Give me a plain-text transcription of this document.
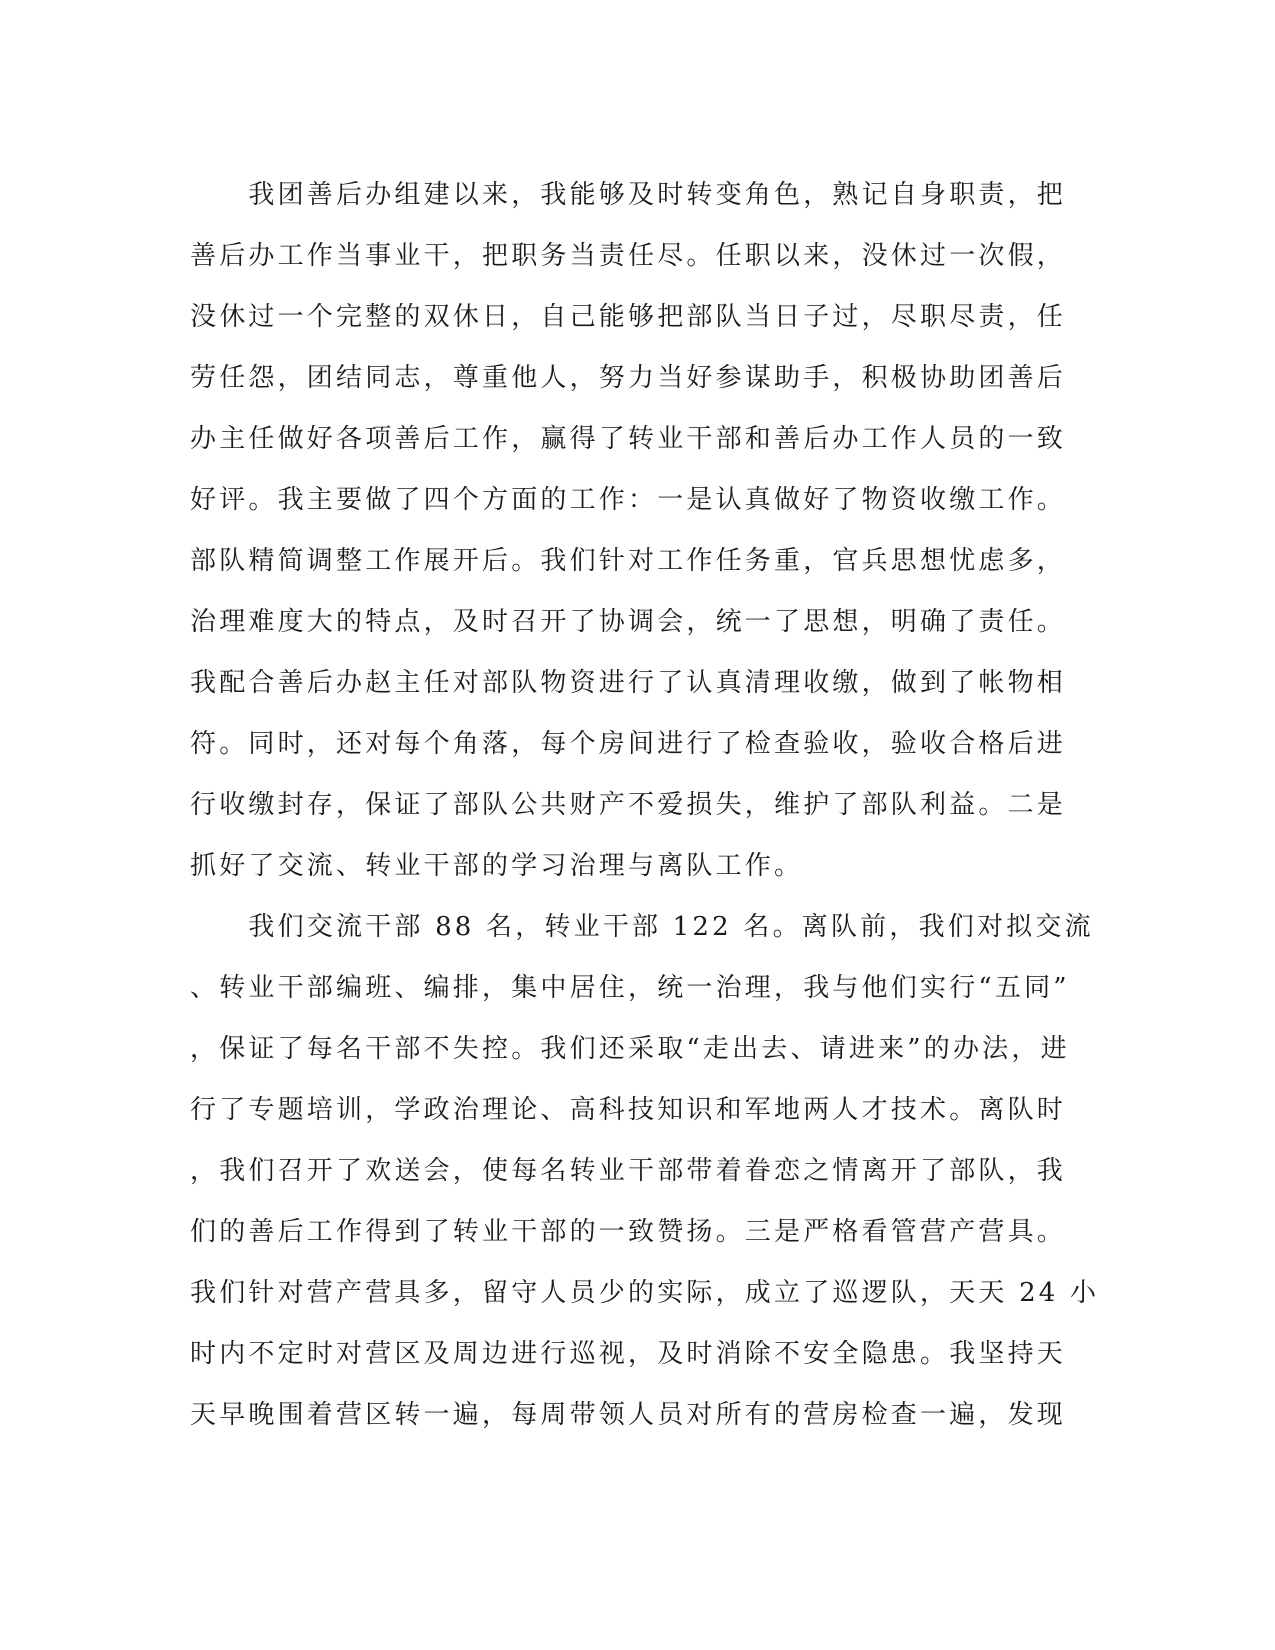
　　我团善后办组建以来，我能够及时转变角色，熟记自身职责，把
善后办工作当事业干，把职务当责任尽。任职以来，没休过一次假，
没休过一个完整的双休日，自己能够把部队当日子过，尽职尽责，任
劳任怨，团结同志，尊重他人，努力当好参谋助手，积极协助团善后
办主任做好各项善后工作，赢得了转业干部和善后办工作人员的一致
好评。我主要做了四个方面的工作：一是认真做好了物资收缴工作。
部队精简调整工作展开后。我们针对工作任务重，官兵思想忧虑多，
治理难度大的特点，及时召开了协调会，统一了思想，明确了责任。
我配合善后办赵主任对部队物资进行了认真清理收缴，做到了帐物相
符。同时，还对每个角落，每个房间进行了检查验收，验收合格后进
行收缴封存，保证了部队公共财产不爱损失，维护了部队利益。二是
抓好了交流、转业干部的学习治理与离队工作。
　　我们交流干部 88 名，转业干部 122 名。离队前，我们对拟交流
、转业干部编班、编排，集中居住，统一治理，我与他们实行“五同”
，保证了每名干部不失控。我们还采取“走出去、请进来”的办法，进
行了专题培训，学政治理论、高科技知识和军地两人才技术。离队时
，我们召开了欢送会，使每名转业干部带着眷恋之情离开了部队，我
们的善后工作得到了转业干部的一致赞扬。三是严格看管营产营具。
我们针对营产营具多，留守人员少的实际，成立了巡逻队，天天 24 小
时内不定时对营区及周边进行巡视，及时消除不安全隐患。我坚持天
天早晚围着营区转一遍，每周带领人员对所有的营房检查一遍，发现
